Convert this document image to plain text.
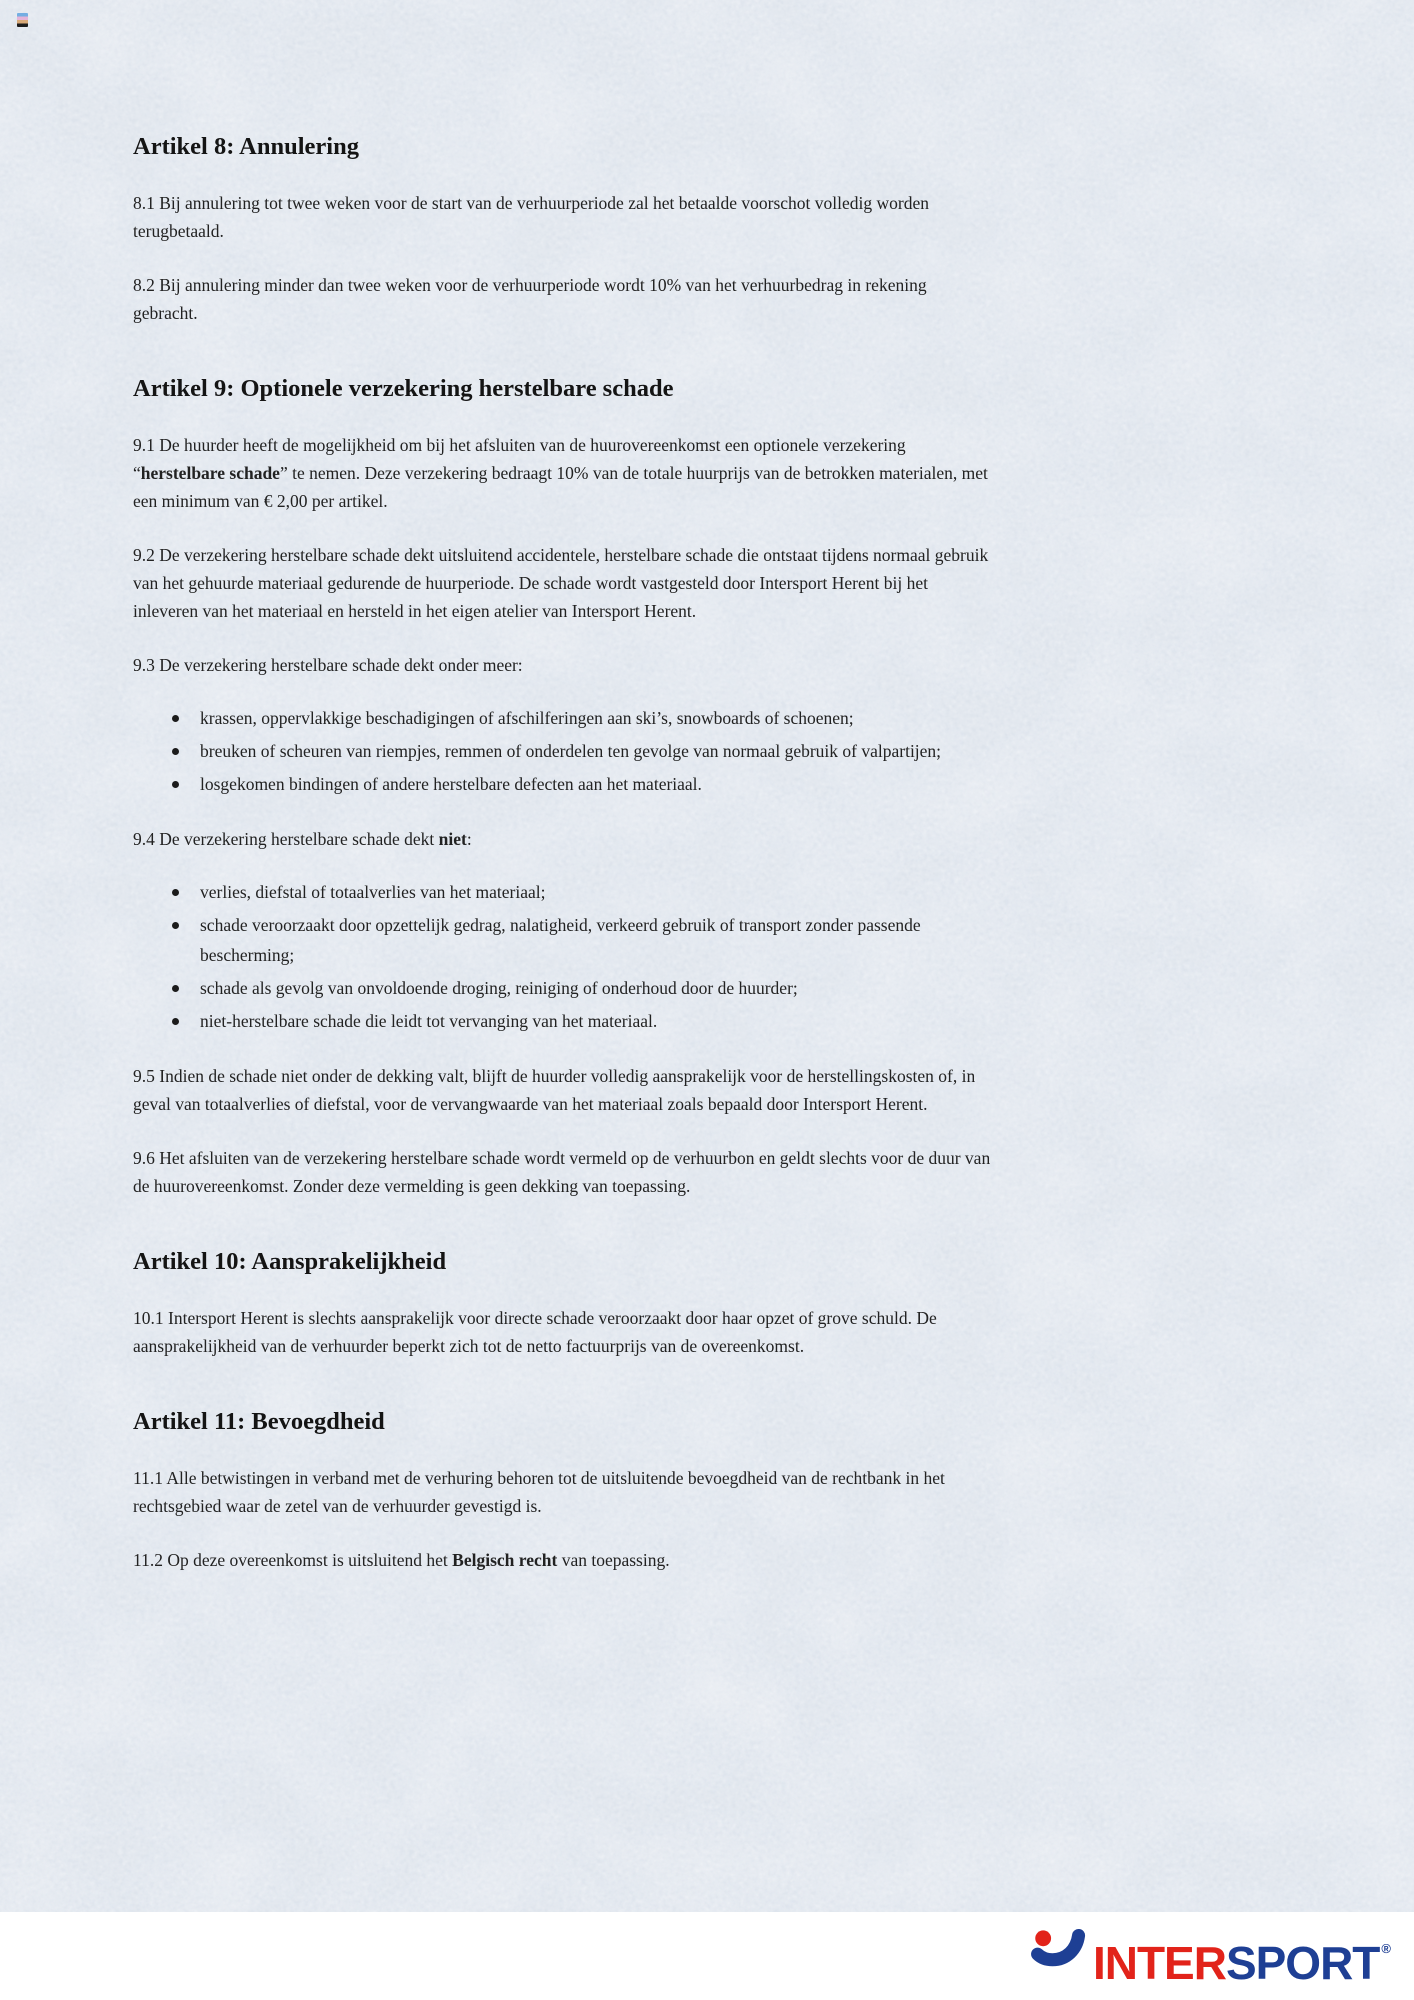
Artikel 8: Annulering

8.1 Bij annulering tot twee weken voor de start van de verhuurperiode zal het betaalde voorschot volledig worden terugbetaald.

8.2 Bij annulering minder dan twee weken voor de verhuurperiode wordt 10% van het verhuurbedrag in rekening gebracht.

Artikel 9: Optionele verzekering herstelbare schade

9.1 De huurder heeft de mogelijkheid om bij het afsluiten van de huurovereenkomst een optionele verzekering “herstelbare schade” te nemen. Deze verzekering bedraagt 10% van de totale huurprijs van de betrokken materialen, met een minimum van € 2,00 per artikel.

9.2 De verzekering herstelbare schade dekt uitsluitend accidentele, herstelbare schade die ontstaat tijdens normaal gebruik van het gehuurde materiaal gedurende de huurperiode. De schade wordt vastgesteld door Intersport Herent bij het inleveren van het materiaal en hersteld in het eigen atelier van Intersport Herent.

9.3 De verzekering herstelbare schade dekt onder meer:

krassen, oppervlakkige beschadigingen of afschilferingen aan ski’s, snowboards of schoenen;
breuken of scheuren van riempjes, remmen of onderdelen ten gevolge van normaal gebruik of valpartijen;
losgekomen bindingen of andere herstelbare defecten aan het materiaal.

9.4 De verzekering herstelbare schade dekt niet:

verlies, diefstal of totaalverlies van het materiaal;
schade veroorzaakt door opzettelijk gedrag, nalatigheid, verkeerd gebruik of transport zonder passende bescherming;
schade als gevolg van onvoldoende droging, reiniging of onderhoud door de huurder;
niet-herstelbare schade die leidt tot vervanging van het materiaal.

9.5 Indien de schade niet onder de dekking valt, blijft de huurder volledig aansprakelijk voor de herstellingskosten of, in geval van totaalverlies of diefstal, voor de vervangwaarde van het materiaal zoals bepaald door Intersport Herent.

9.6 Het afsluiten van de verzekering herstelbare schade wordt vermeld op de verhuurbon en geldt slechts voor de duur van de huurovereenkomst. Zonder deze vermelding is geen dekking van toepassing.

Artikel 10: Aansprakelijkheid

10.1 Intersport Herent is slechts aansprakelijk voor directe schade veroorzaakt door haar opzet of grove schuld. De aansprakelijkheid van de verhuurder beperkt zich tot de netto factuurprijs van de overeenkomst.

Artikel 11: Bevoegdheid

11.1 Alle betwistingen in verband met de verhuring behoren tot de uitsluitende bevoegdheid van de rechtbank in het rechtsgebied waar de zetel van de verhuurder gevestigd is.

11.2 Op deze overeenkomst is uitsluitend het Belgisch recht van toepassing.

INTERSPORT ®
